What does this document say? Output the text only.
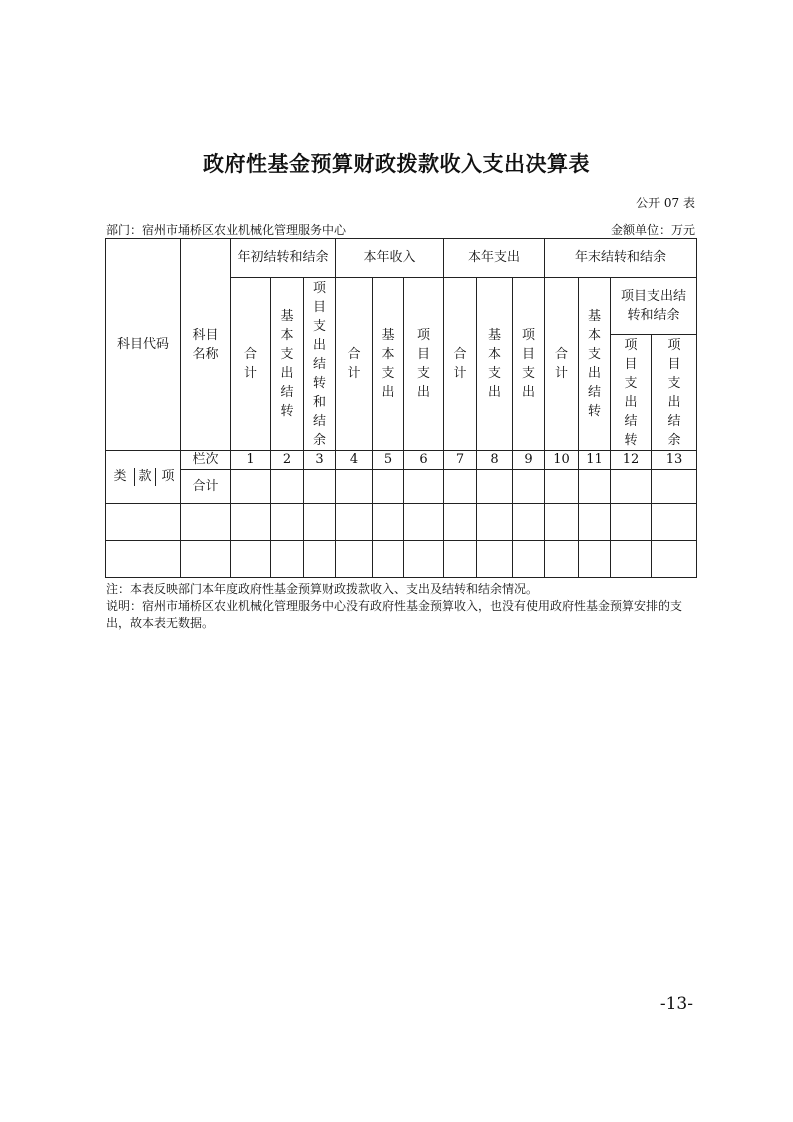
政府性基金预算财政拨款收入支出决算表
公开 07 表
部门：宿州市埇桥区农业机械化管理服务中心	金额单位：万元
科目代码	科目名称	年初结转和结余			本年收入			本年支出			年末结转和结余			
		合计	基本支出结转	项目支出结转和结余	合计	基本支出	项目支出	合计	基本支出	项目支出	合计	基本支出结转	项目支出结转和结余	
													项目支出结转	项目支出结余

类 款 项	栏次	1	2	3	4	5	6	7	8	9	10	11	12	13
	合计													

注：本表反映部门本年度政府性基金预算财政拨款收入、支出及结转和结余情况。
说明：宿州市埇桥区农业机械化管理服务中心没有政府性基金预算收入，也没有使用政府性基金预算安排的支出，故本表无数据。
-13-
